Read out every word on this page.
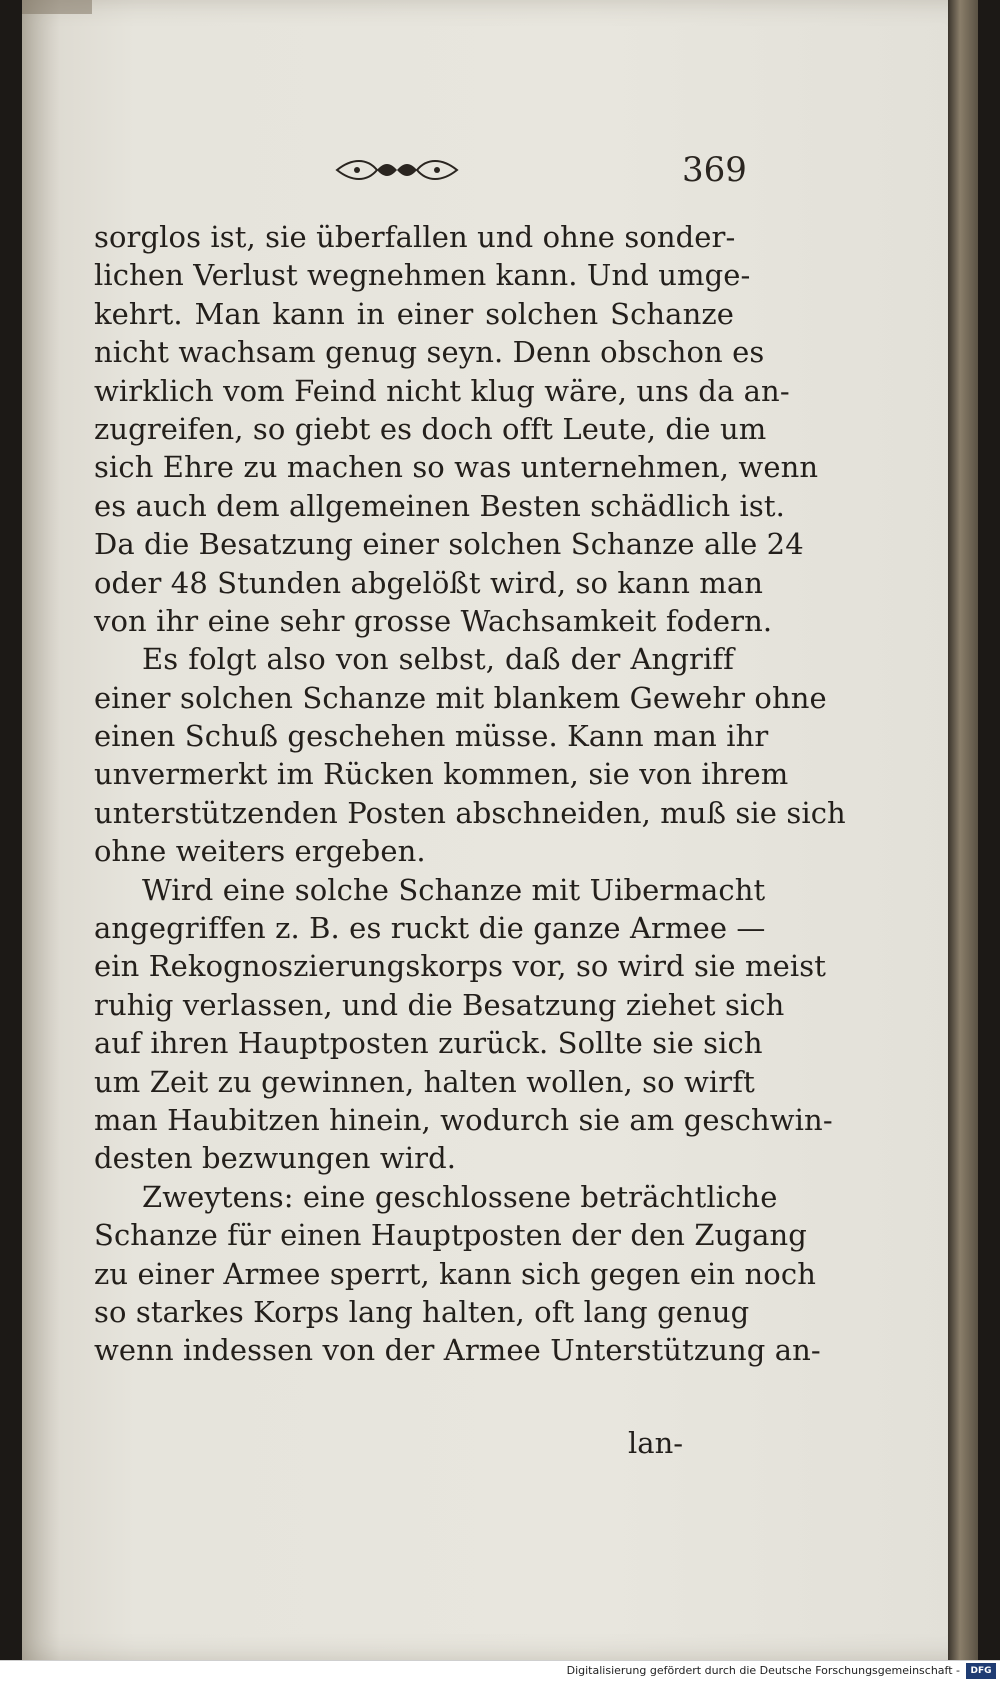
369
sorglos ist, sie überfallen und ohne sonder-
lichen Verlust wegnehmen kann. Und umge-
kehrt. Man kann in einer solchen Schanze
nicht wachsam genug seyn. Denn obschon es
wirklich vom Feind nicht klug wäre, uns da an-
zugreifen, so giebt es doch offt Leute, die um
sich Ehre zu machen so was unternehmen, wenn
es auch dem allgemeinen Besten schädlich ist.
Da die Besatzung einer solchen Schanze alle 24
oder 48 Stunden abgelößt wird, so kann man
von ihr eine sehr grosse Wachsamkeit fodern.
Es folgt also von selbst, daß der Angriff
einer solchen Schanze mit blankem Gewehr ohne
einen Schuß geschehen müsse. Kann man ihr
unvermerkt im Rücken kommen, sie von ihrem
unterstützenden Posten abschneiden, muß sie sich
ohne weiters ergeben.
Wird eine solche Schanze mit Uibermacht
angegriffen z. B. es ruckt die ganze Armee —
ein Rekognoszierungskorps vor, so wird sie meist
ruhig verlassen, und die Besatzung ziehet sich
auf ihren Hauptposten zurück. Sollte sie sich
um Zeit zu gewinnen, halten wollen, so wirft
man Haubitzen hinein, wodurch sie am geschwin-
desten bezwungen wird.
Zweytens: eine geschlossene beträchtliche
Schanze für einen Hauptposten der den Zugang
zu einer Armee sperrt, kann sich gegen ein noch
so starkes Korps lang halten, oft lang genug
wenn indessen von der Armee Unterstützung an-
lan-
Digitalisierung gefördert durch die Deutsche Forschungsgemeinschaft -	DFG
